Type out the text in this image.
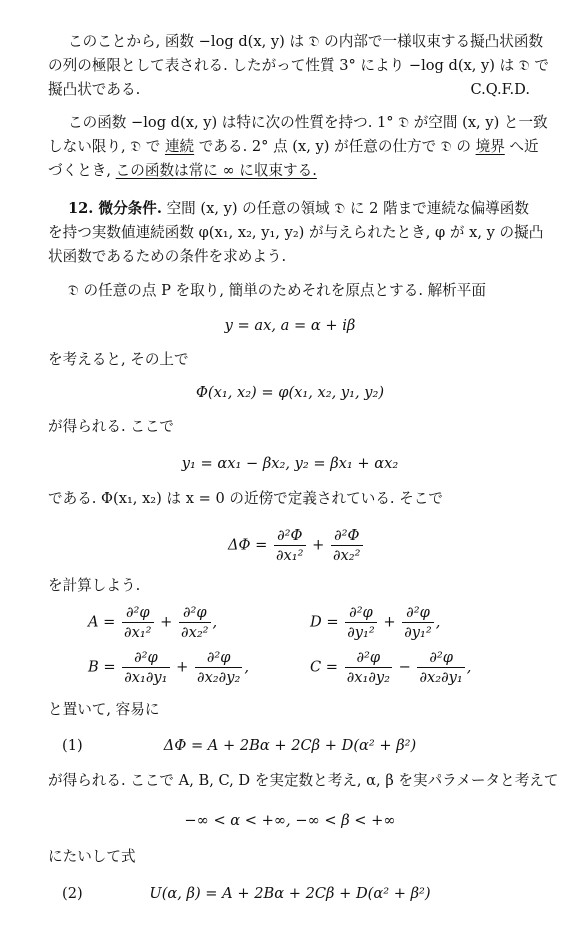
このことから, 函数 −log d(x, y) は 𝔇 の内部で一様収束する擬凸状函数
の列の極限として表される. したがって性質 3° により −log d(x, y) は 𝔇 で
擬凸状である.	C.Q.F.D.
この函数 −log d(x, y) は特に次の性質を持つ. 1° 𝔇 が空間 (x, y) と一致
しない限り, 𝔇 で 連続 である. 2° 点 (x, y) が任意の仕方で 𝔇 の 境界 へ近
づくとき, この函数は常に ∞ に収束する.
12. 微分条件. 空間 (x, y) の任意の領域 𝔇 に 2 階まで連続な偏導函数
を持つ実数値連続函数 φ(x₁, x₂, y₁, y₂) が与えられたとき, φ が x, y の擬凸
状函数であるための条件を求めよう.
𝔇 の任意の点 P を取り, 簡単のためそれを原点とする. 解析平面
y = ax, a = α + iβ
を考えると, その上で
Φ(x₁, x₂) = φ(x₁, x₂, y₁, y₂)
が得られる. ここで
y₁ = αx₁ − βx₂, y₂ = βx₁ + αx₂
である. Φ(x₁, x₂) は x = 0 の近傍で定義されている. そこで
$\Delta\Phi = \frac{\text{∂²Φ}}{\text{∂x₁²}} + \frac{\text{∂²Φ}}{\text{∂x₂²}}$
を計算しよう.
$A = \frac{\text{∂²φ}}{\text{∂x₁²}} + \frac{\text{∂²φ}}{\text{∂x₂²}}$ ,	$D = \frac{\text{∂²φ}}{\text{∂y₁²}} + \frac{\text{∂²φ}}{\text{∂y₁²}}$ ,
$B = \frac{\text{∂²φ}}{\text{∂x₁∂y₁}} + \frac{\text{∂²φ}}{\text{∂x₂∂y₂}}$ ,	$C = \frac{\text{∂²φ}}{\text{∂x₁∂y₂}} - \frac{\text{∂²φ}}{\text{∂x₂∂y₁}}$ ,
と置いて, 容易に
(1)	ΔΦ = A + 2Bα + 2Cβ + D(α² + β²)
が得られる. ここで A, B, C, D を実定数と考え, α, β を実パラメータと考えて
−∞ < α < +∞, −∞ < β < +∞
にたいして式
(2)	U(α, β) = A + 2Bα + 2Cβ + D(α² + β²)
